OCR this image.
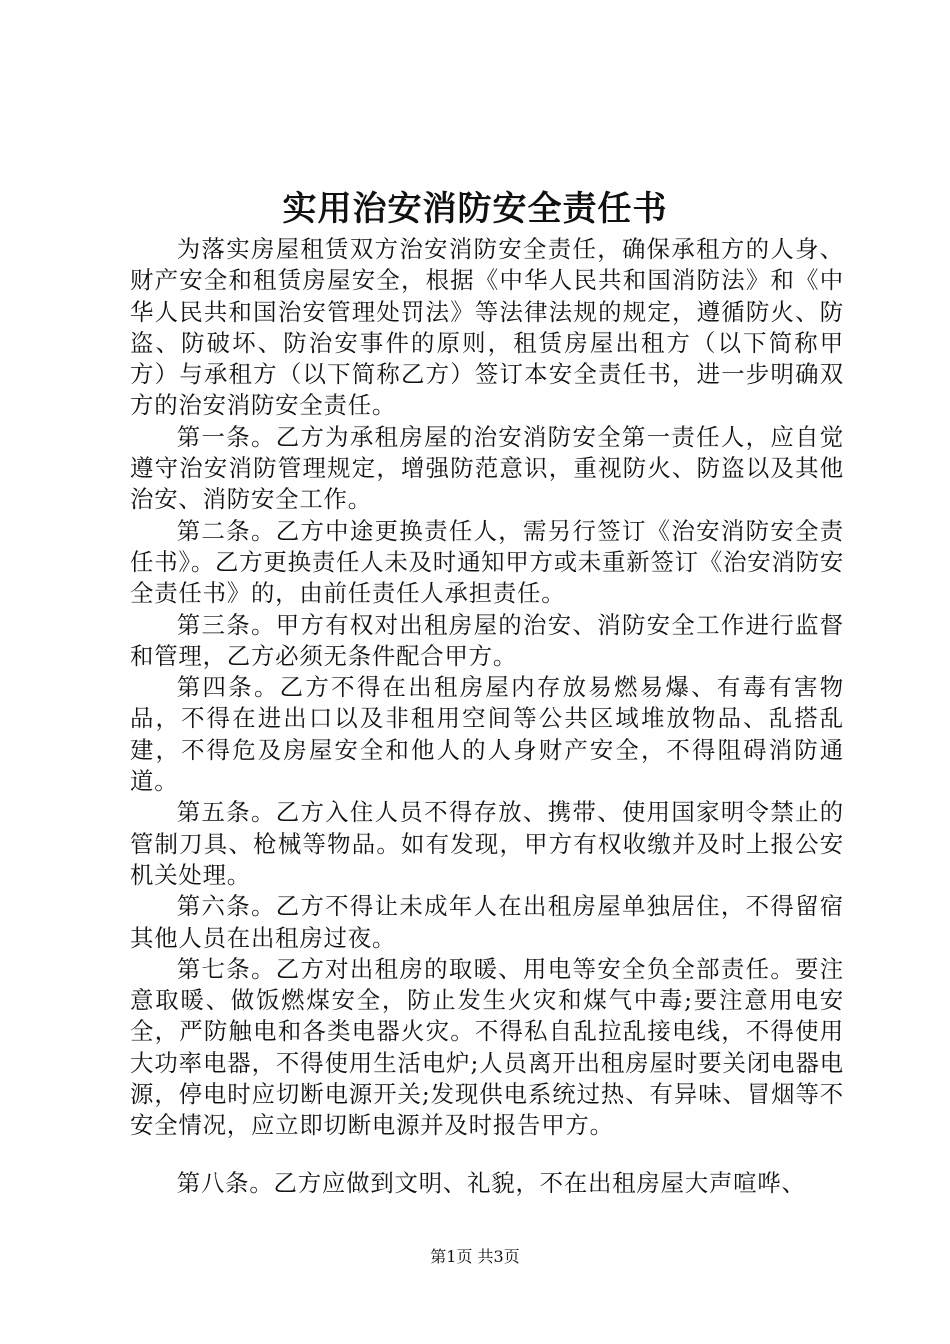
实用治安消防安全责任书

为落实房屋租赁双方治安消防安全责任，确保承租方的人身、财产安全和租赁房屋安全，根据《中华人民共和国消防法》和《中华人民共和国治安管理处罚法》等法律法规的规定，遵循防火、防盗、防破坏、防治安事件的原则，租赁房屋出租方（以下简称甲方）与承租方（以下简称乙方）签订本安全责任书，进一步明确双方的治安消防安全责任。

第一条。乙方为承租房屋的治安消防安全第一责任人，应自觉遵守治安消防管理规定，增强防范意识，重视防火、防盗以及其他治安、消防安全工作。

第二条。乙方中途更换责任人，需另行签订《治安消防安全责任书》。乙方更换责任人未及时通知甲方或未重新签订《治安消防安全责任书》的，由前任责任人承担责任。

第三条。甲方有权对出租房屋的治安、消防安全工作进行监督和管理，乙方必须无条件配合甲方。

第四条。乙方不得在出租房屋内存放易燃易爆、有毒有害物品，不得在进出口以及非租用空间等公共区域堆放物品、乱搭乱建，不得危及房屋安全和他人的人身财产安全，不得阻碍消防通道。

第五条。乙方入住人员不得存放、携带、使用国家明令禁止的管制刀具、枪械等物品。如有发现，甲方有权收缴并及时上报公安机关处理。

第六条。乙方不得让未成年人在出租房屋单独居住，不得留宿其他人员在出租房过夜。

第七条。乙方对出租房的取暖、用电等安全负全部责任。要注意取暖、做饭燃煤安全，防止发生火灾和煤气中毒;要注意用电安全，严防触电和各类电器火灾。不得私自乱拉乱接电线，不得使用大功率电器，不得使用生活电炉;人员离开出租房屋时要关闭电器电源，停电时应切断电源开关;发现供电系统过热、有异味、冒烟等不安全情况，应立即切断电源并及时报告甲方。

第八条。乙方应做到文明、礼貌，不在出租房屋大声喧哗、

第1页 共3页
